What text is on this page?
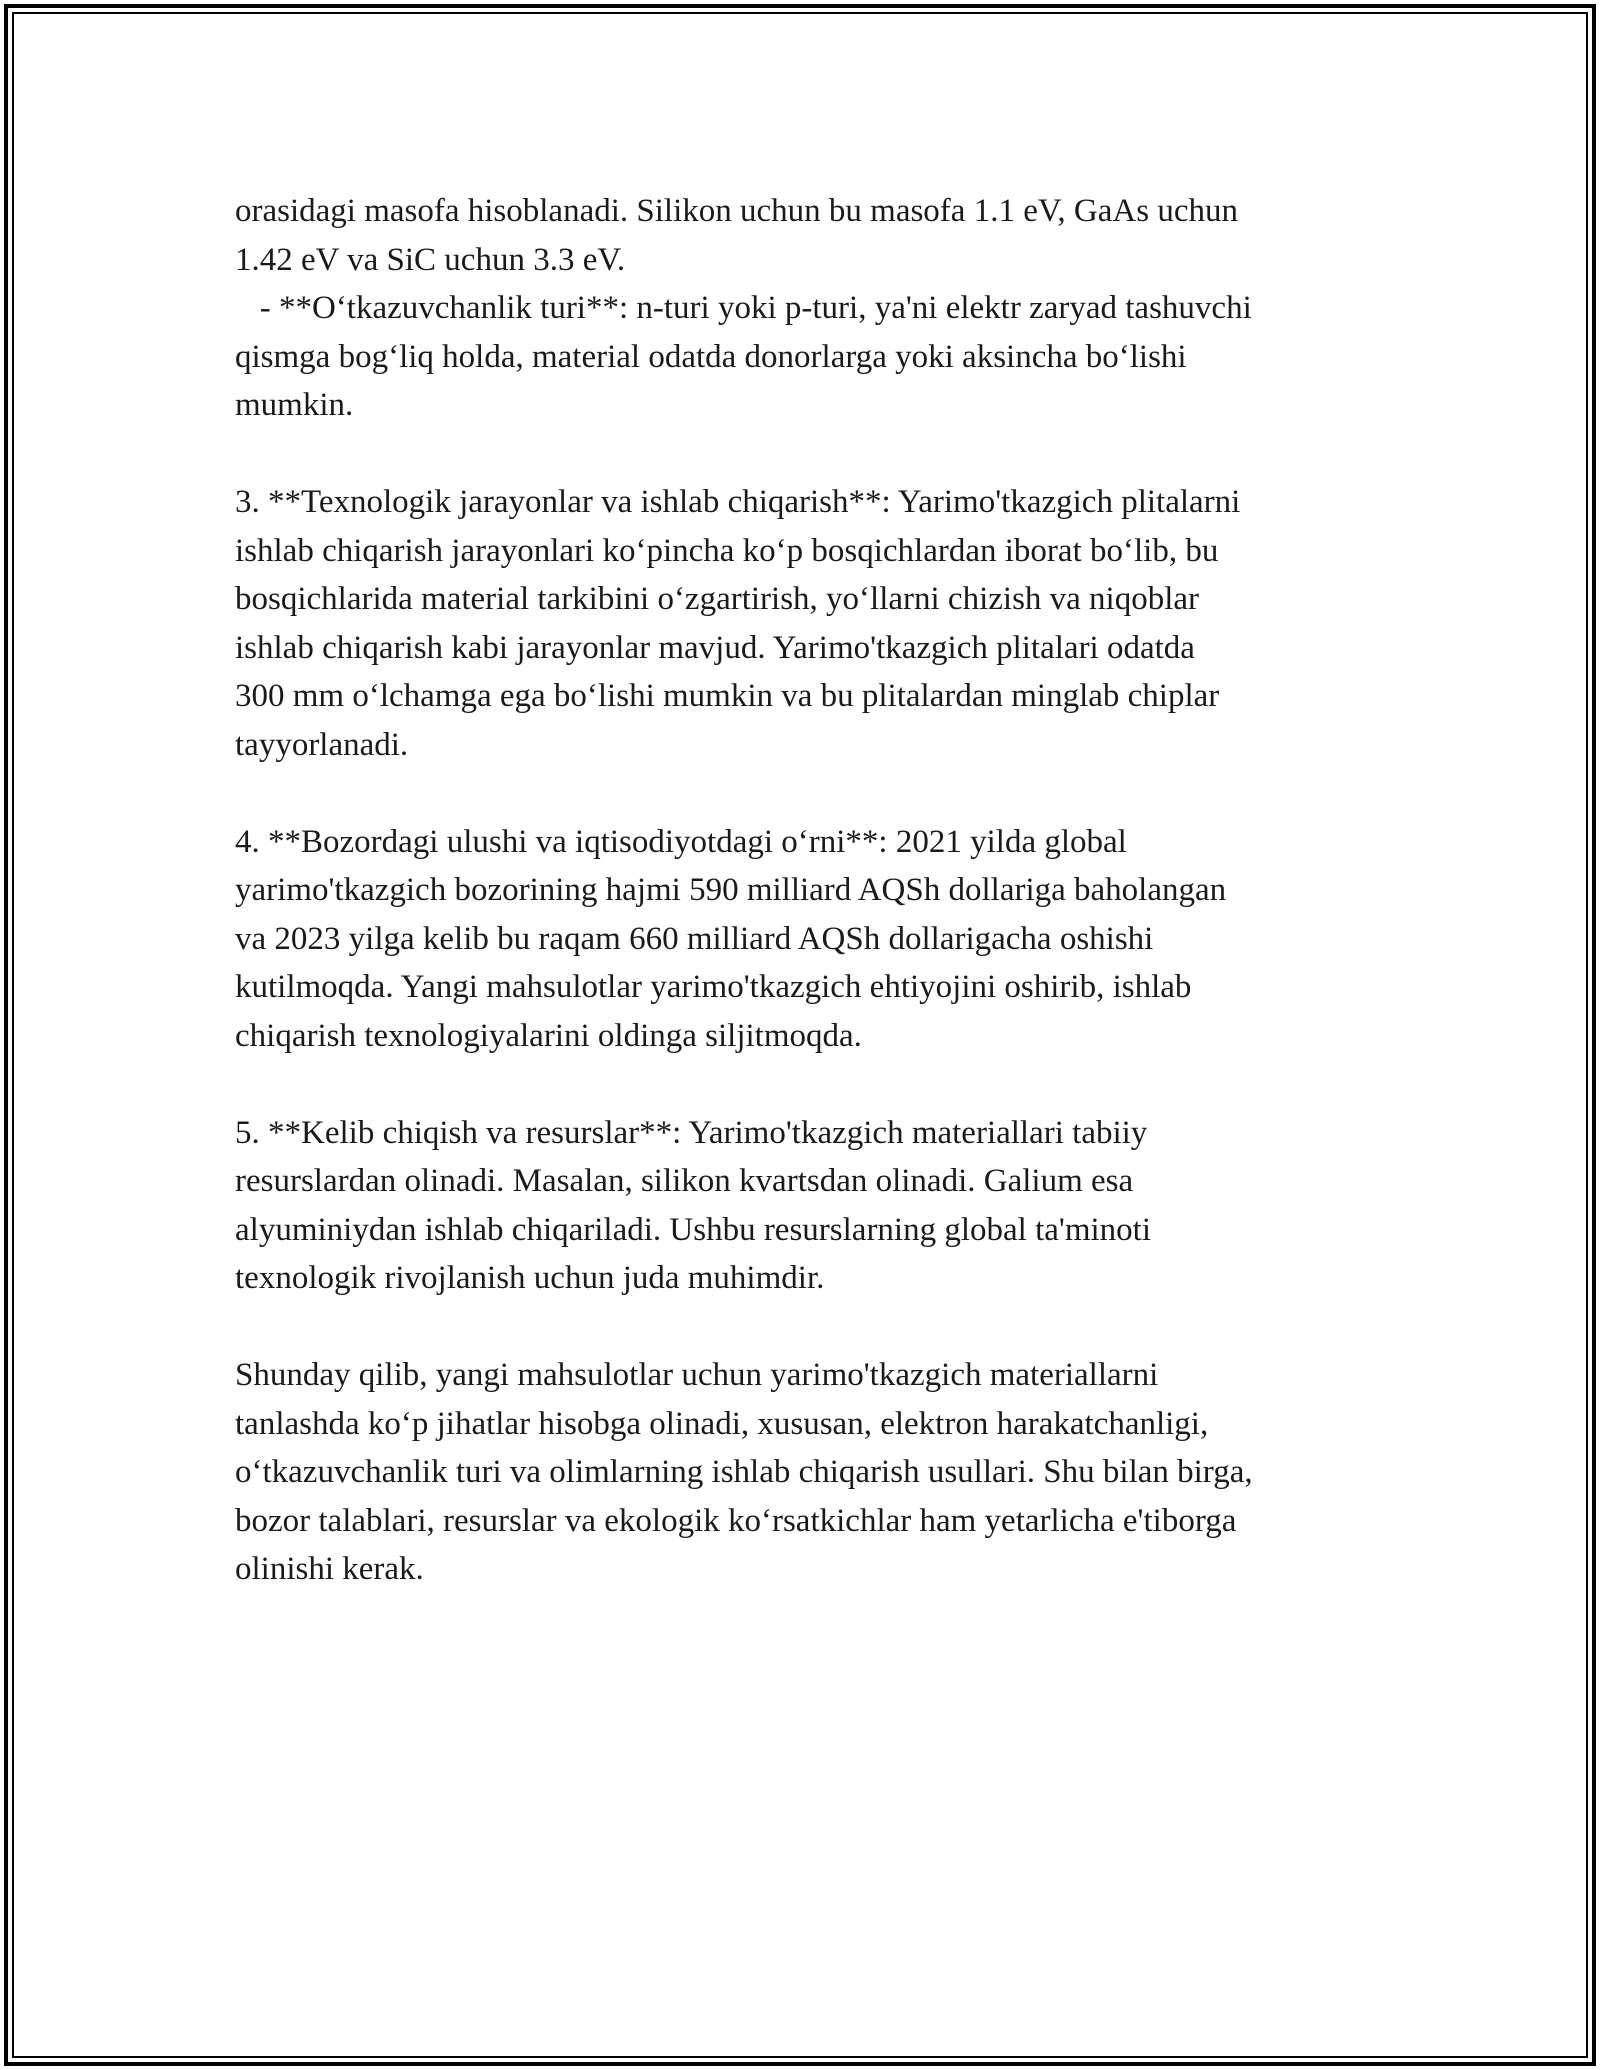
orasidagi masofa hisoblanadi. Silikon uchun bu masofa 1.1 eV, GaAs uchun
1.42 eV va SiC uchun 3.3 eV.
- **O‘tkazuvchanlik turi**: n-turi yoki p-turi, ya'ni elektr zaryad tashuvchi
qismga bog‘liq holda, material odatda donorlarga yoki aksincha bo‘lishi
mumkin.
3. **Texnologik jarayonlar va ishlab chiqarish**: Yarimo'tkazgich plitalarni
ishlab chiqarish jarayonlari ko‘pincha ko‘p bosqichlardan iborat bo‘lib, bu
bosqichlarida material tarkibini o‘zgartirish, yo‘llarni chizish va niqoblar
ishlab chiqarish kabi jarayonlar mavjud. Yarimo'tkazgich plitalari odatda
300 mm o‘lchamga ega bo‘lishi mumkin va bu plitalardan minglab chiplar
tayyorlanadi.
4. **Bozordagi ulushi va iqtisodiyotdagi o‘rni**: 2021 yilda global
yarimo'tkazgich bozorining hajmi 590 milliard AQSh dollariga baholangan
va 2023 yilga kelib bu raqam 660 milliard AQSh dollarigacha oshishi
kutilmoqda. Yangi mahsulotlar yarimo'tkazgich ehtiyojini oshirib, ishlab
chiqarish texnologiyalarini oldinga siljitmoqda.
5. **Kelib chiqish va resurslar**: Yarimo'tkazgich materiallari tabiiy
resurslardan olinadi. Masalan, silikon kvartsdan olinadi. Galium esa
alyuminiydan ishlab chiqariladi. Ushbu resurslarning global ta'minoti
texnologik rivojlanish uchun juda muhimdir.
Shunday qilib, yangi mahsulotlar uchun yarimo'tkazgich materiallarni
tanlashda ko‘p jihatlar hisobga olinadi, xususan, elektron harakatchanligi,
o‘tkazuvchanlik turi va olimlarning ishlab chiqarish usullari. Shu bilan birga,
bozor talablari, resurslar va ekologik ko‘rsatkichlar ham yetarlicha e'tiborga
olinishi kerak.
